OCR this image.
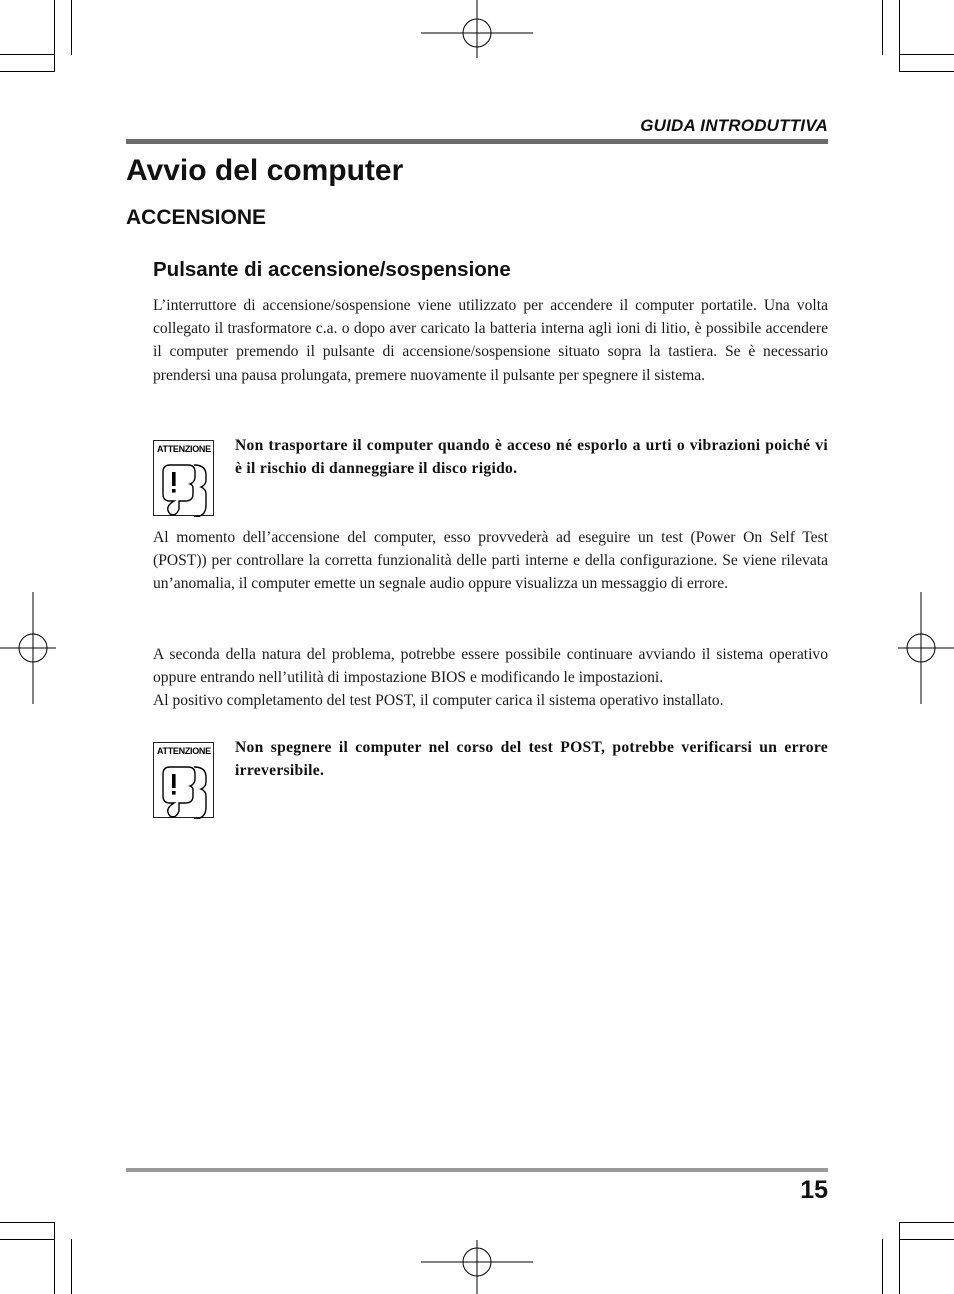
GUIDA INTRODUTTIVA
Avvio del computer
ACCENSIONE
Pulsante di accensione/sospensione

L’interruttore di accensione/sospensione viene utilizzato per accendere il computer portatile. Una volta collegato il trasformatore c.a. o dopo aver caricato la batteria interna agli ioni di litio, è possibile accendere il computer premendo il pulsante di accensione/sospensione situato sopra la tastiera. Se è necessario prendersi una pausa prolungata, premere nuovamente il pulsante per spegnere il sistema.

ATTENZIONE Non trasportare il computer quando è acceso né esporlo a urti o vibrazioni poiché vi è il rischio di danneggiare il disco rigido.

Al momento dell’accensione del computer, esso provvederà ad eseguire un test (Power On Self Test (POST)) per controllare la corretta funzionalità delle parti interne e della configurazione. Se viene rilevata un’anomalia, il computer emette un segnale audio oppure visualizza un messaggio di errore.

A seconda della natura del problema, potrebbe essere possibile continuare avviando il sistema operativo oppure entrando nell’utilità di impostazione BIOS e modificando le impostazioni.

Al positivo completamento del test POST, il computer carica il sistema operativo installato.

ATTENZIONE Non spegnere il computer nel corso del test POST, potrebbe verificarsi un errore irreversibile.
15
